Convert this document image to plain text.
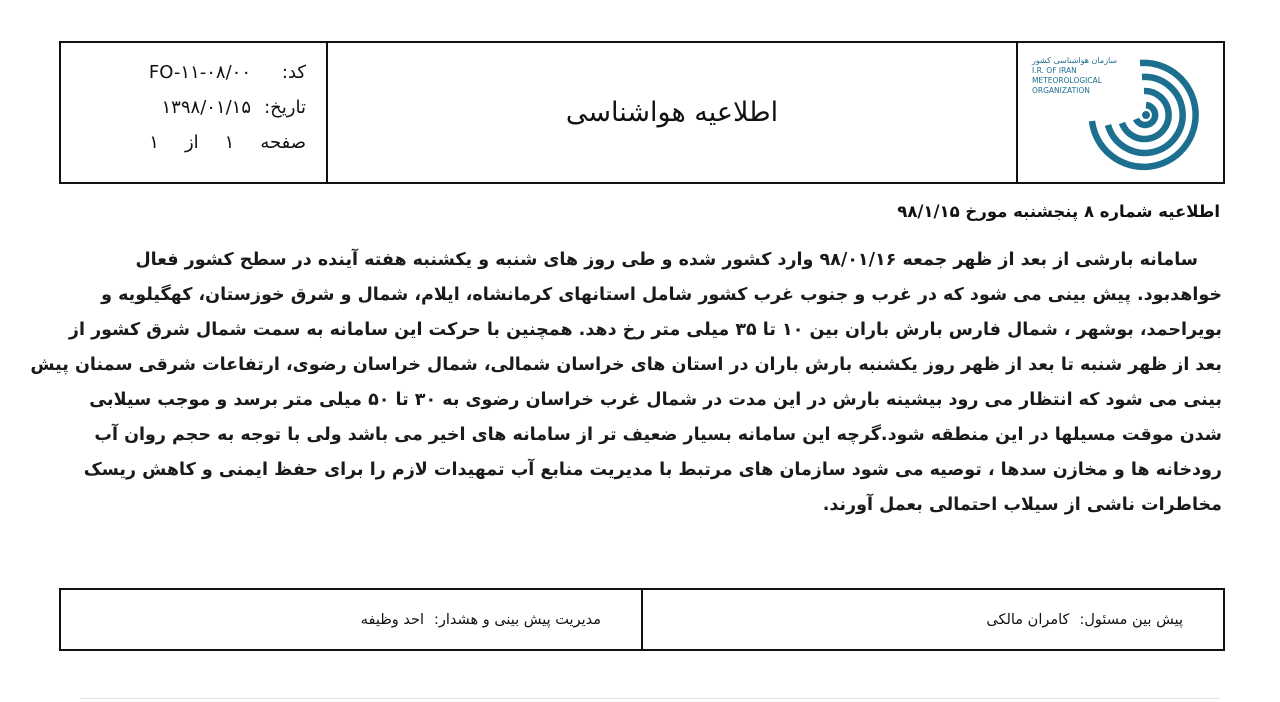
کد:
FO-۱۱-۰۸/۰۰
تاریخ:
۱۳۹۸/۰۱/۱۵
صفحه
۱
از
۱
اطلاعیه هواشناسی
سازمان هواشناسی کشور
I.R. OF IRAN
METEOROLOGICAL
ORGANIZATION
اطلاعیه شماره ۸ پنجشنبه مورخ ۹۸/۱/۱۵
سامانه بارشی از بعد از ظهر جمعه ۹۸/۰۱/۱۶ وارد کشور شده و طی روز های شنبه و یکشنبه هفته آینده در سطح کشور فعال
خواهدبود. پیش بینی می شود که در غرب و جنوب غرب کشور شامل استانهای کرمانشاه، ایلام، شمال و شرق خوزستان، کهگیلویه و
بویراحمد، بوشهر ، شمال فارس بارش باران بین ۱۰ تا ۳۵ میلی متر رخ دهد. همچنین با حرکت این سامانه به سمت شمال شرق کشور از
بعد از ظهر شنبه تا بعد از ظهر روز یکشنبه بارش باران در استان های خراسان شمالی، شمال خراسان رضوی، ارتفاعات شرقی سمنان پیش
بینی می شود که انتظار می رود بیشینه بارش در این مدت در شمال غرب خراسان رضوی به ۳۰ تا ۵۰ میلی متر برسد و موجب سیلابی
شدن موقت مسیلها در این منطقه شود.گرچه این سامانه بسیار ضعیف تر از سامانه های اخیر می باشد ولی با توجه به حجم روان آب
رودخانه ها و مخازن سدها ، توصیه می شود سازمان های مرتبط با مدیریت منابع آب تمهیدات لازم را برای حفظ ایمنی و کاهش ریسک
مخاطرات ناشی از سیلاب احتمالی بعمل آورند.
مدیریت پیش بینی و هشدار:
احد وظیفه	پیش بین مسئول:
کامران مالکی
